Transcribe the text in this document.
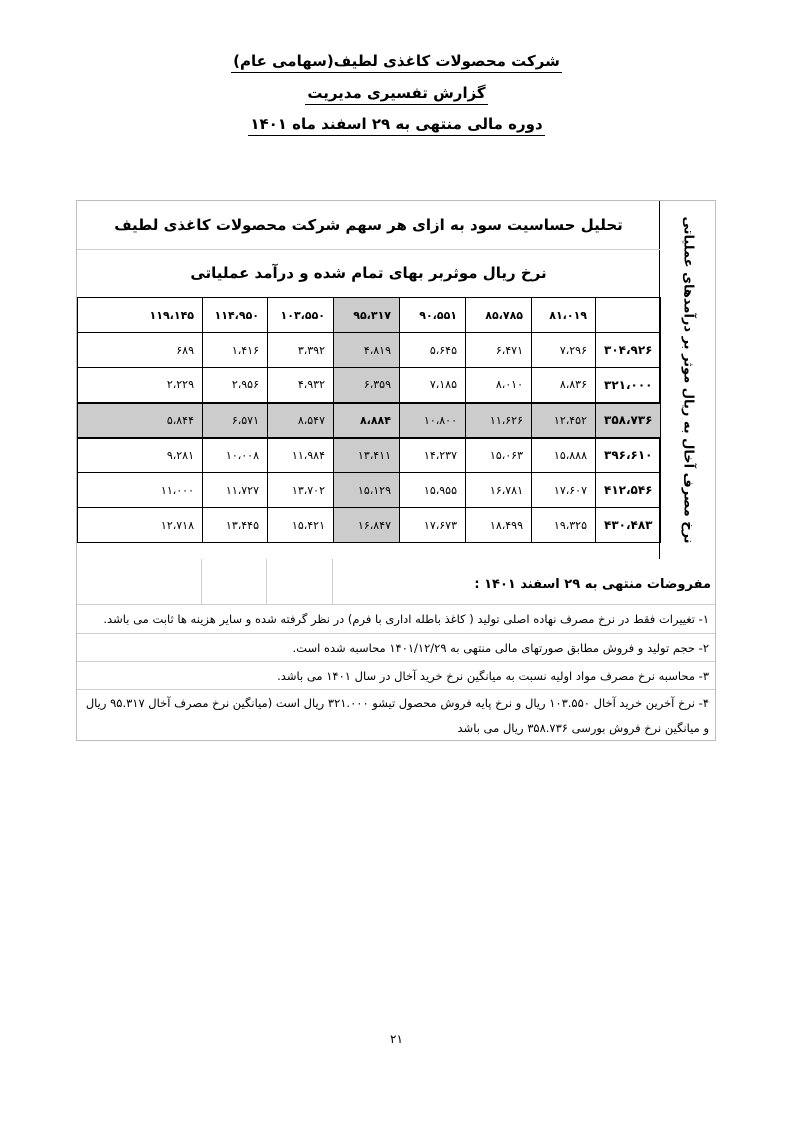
شرکت محصولات کاغذی لطیف(سهامی عام)
گزارش تفسیری مدیریت
دوره مالی منتهی به ۲۹ اسفند ماه ۱۴۰۱
نرخ مصرف آخال به ریال موثر بر درآمدهای عملیاتی
تحلیل حساسیت سود به ازای هر سهم شرکت محصولات کاغذی لطیف
نرخ ریال موثربر بهای تمام شده و درآمد عملیاتی
۱۱۹،۱۴۵	۱۱۴،۹۵۰	۱۰۳،۵۵۰	۹۵،۳۱۷	۹۰،۵۵۱	۸۵،۷۸۵	۸۱،۰۱۹	
۶۸۹	۱،۴۱۶	۳،۳۹۲	۴،۸۱۹	۵،۶۴۵	۶،۴۷۱	۷،۲۹۶	۳۰۴،۹۲۶
۲،۲۲۹	۲،۹۵۶	۴،۹۳۲	۶،۳۵۹	۷،۱۸۵	۸،۰۱۰	۸،۸۳۶	۳۲۱،۰۰۰
۵،۸۴۴	۶،۵۷۱	۸،۵۴۷	۸،۸۸۴	۱۰،۸۰۰	۱۱،۶۲۶	۱۲،۴۵۲	۳۵۸،۷۳۶
۹،۲۸۱	۱۰،۰۰۸	۱۱،۹۸۴	۱۳،۴۱۱	۱۴،۲۳۷	۱۵،۰۶۳	۱۵،۸۸۸	۳۹۶،۶۱۰
۱۱،۰۰۰	۱۱،۷۲۷	۱۳،۷۰۲	۱۵،۱۲۹	۱۵،۹۵۵	۱۶،۷۸۱	۱۷،۶۰۷	۴۱۲،۵۴۶
۱۲،۷۱۸	۱۳،۴۴۵	۱۵،۴۲۱	۱۶،۸۴۷	۱۷،۶۷۳	۱۸،۴۹۹	۱۹،۳۲۵	۴۳۰،۴۸۳
مفروضات منتهی به ۲۹ اسفند ۱۴۰۱ :
۱- تغییرات فقط در نرخ مصرف نهاده اصلی تولید ( کاغذ باطله اداری با فرم) در نظر گرفته شده و سایر هزینه ها ثابت می باشد.
۲- حجم تولید و فروش مطابق صورتهای مالی منتهی به ۱۴۰۱/۱۲/۲۹ محاسبه شده است.
۳- محاسبه نرخ مصرف مواد اولیه نسبت به میانگین نرخ خرید آخال در سال ۱۴۰۱ می باشد.
۴- نرخ آخرین خرید آخال ۱۰۳.۵۵۰ ریال و نرخ پایه فروش محصول تیشو ۳۲۱.۰۰۰ ریال است (میانگین نرخ مصرف آخال ۹۵.۳۱۷ ریال و میانگین نرخ فروش بورسی ۳۵۸.۷۳۶ ریال می باشد
۲۱
